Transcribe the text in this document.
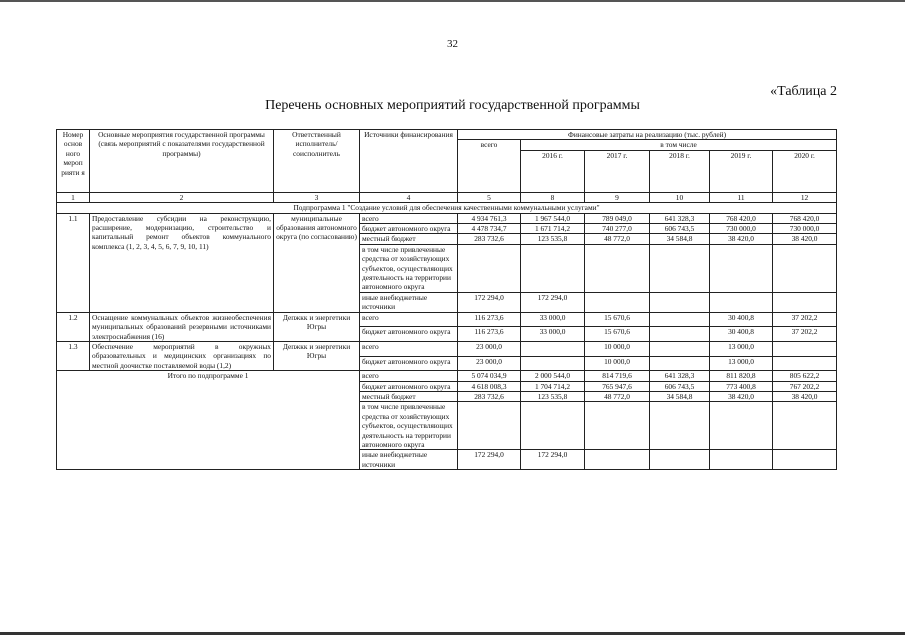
32
«Таблица 2
Перечень основных мероприятий государственной программы
Номер основ ного мероп рияти я	Основные мероприятия государственной программы (связь мероприятий с показателями государственной программы)	Ответственный исполнитель/ соисполнитель	Источники финансирования	Финансовые затраты на реализацию (тыс. рублей)					
				всего	в том числе				
					2016 г.	2017 г.	2018 г.	2019 г.	2020 г.
1	2	3	4	5	8	9	10	11	12
Подпрограмма 1 "Создание условий для обеспечения качественными коммунальными услугами"									
1.1	Предоставление субсидии на реконструкцию, расширение, модернизацию, строительство и капитальный ремонт объектов коммунального комплекса (1, 2, 3, 4, 5, 6, 7, 9, 10, 11)	муниципальные образования автономного округа (по согласованию)	всего	4 934 761,3	1 967 544,0	789 049,0	641 328,3	768 420,0	768 420,0
			бюджет автономного округа	4 478 734,7	1 671 714,2	740 277,0	606 743,5	730 000,0	730 000,0
			местный бюджет	283 732,6	123 535,8	48 772,0	34 584,8	38 420,0	38 420,0
			в том числе привлеченные средства от хозяйствующих субъектов, осуществляющих деятельность на территории автономного округа						
			иные внебюджетные источники	172 294,0	172 294,0				
1.2	Оснащение коммунальных объектов жизнеобеспечения муниципальных образований резервными источниками электроснабжения (16)	Депжкк и энергетики Югры	всего	116 273,6	33 000,0	15 670,6		30 400,8	37 202,2
			бюджет автономного округа	116 273,6	33 000,0	15 670,6		30 400,8	37 202,2
1.3	Обеспечение мероприятий в окружных образовательных и медицинских организациях по местной доочистке поставляемой воды (1,2)	Депжкк и энергетики Югры	всего	23 000,0		10 000,0		13 000,0	
			бюджет автономного округа	23 000,0		10 000,0		13 000,0	
Итого по подпрограмме 1			всего	5 074 034,9	2 000 544,0	814 719,6	641 328,3	811 820,8	805 622,2
			бюджет автономного округа	4 618 008,3	1 704 714,2	765 947,6	606 743,5	773 400,8	767 202,2
			местный бюджет	283 732,6	123 535,8	48 772,0	34 584,8	38 420,0	38 420,0
			в том числе привлеченные средства от хозяйствующих субъектов, осуществляющих деятельность на территории автономного округа						
			иные внебюджетные источники	172 294,0	172 294,0				
